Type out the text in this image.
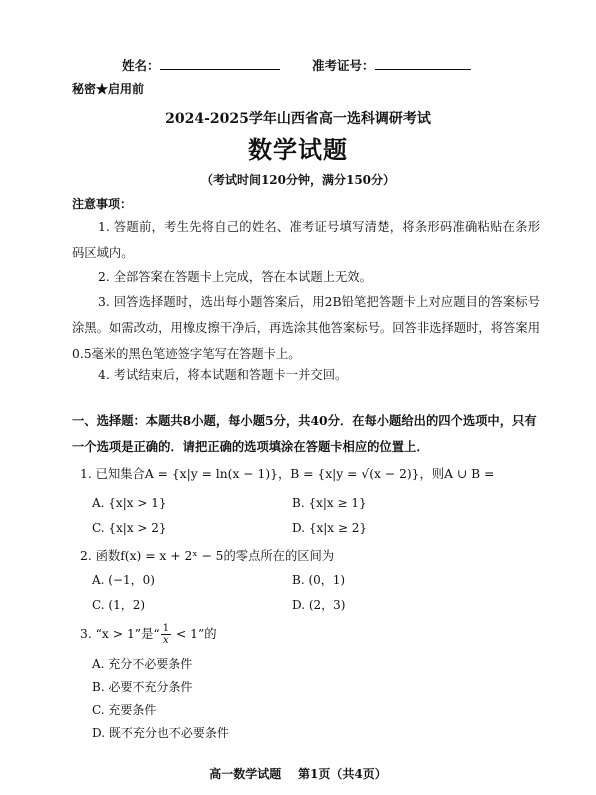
姓名：	准考证号：
秘密★启用前
2024-2025学年山西省高一选科调研考试
数学试题
（考试时间120分钟，满分150分）
注意事项：
1. 答题前，考生先将自己的姓名、准考证号填写清楚，将条形码准确粘贴在条形码区域内。
2. 全部答案在答题卡上完成，答在本试题上无效。
3. 回答选择题时，选出每小题答案后，用2B铅笔把答题卡上对应题目的答案标号涂黑。如需改动，用橡皮擦干净后，再选涂其他答案标号。回答非选择题时，将答案用0.5毫米的黑色笔迹签字笔写在答题卡上。
4. 考试结束后，将本试题和答题卡一并交回。
一、选择题：本题共8小题，每小题5分，共40分．在每小题给出的四个选项中，只有一个选项是正确的．请把正确的选项填涂在答题卡相应的位置上．
1. 已知集合A = {x|y = ln(x − 1)}，B = {x|y = √(x − 2)}，则A ∪ B =
A. {x|x > 1}	B. {x|x ≥ 1}
C. {x|x > 2}	D. {x|x ≥ 2}
2. 函数f(x) = x + 2ˣ − 5的零点所在的区间为
A. (−1，0)	B. (0，1)
C. (1，2)	D. (2，3)
3. “x > 1”是“ $\frac{1}{x} < 1$”的
A. 充分不必要条件
B. 必要不充分条件
C. 充要条件
D. 既不充分也不必要条件
高一数学试题 第1页（共4页）
